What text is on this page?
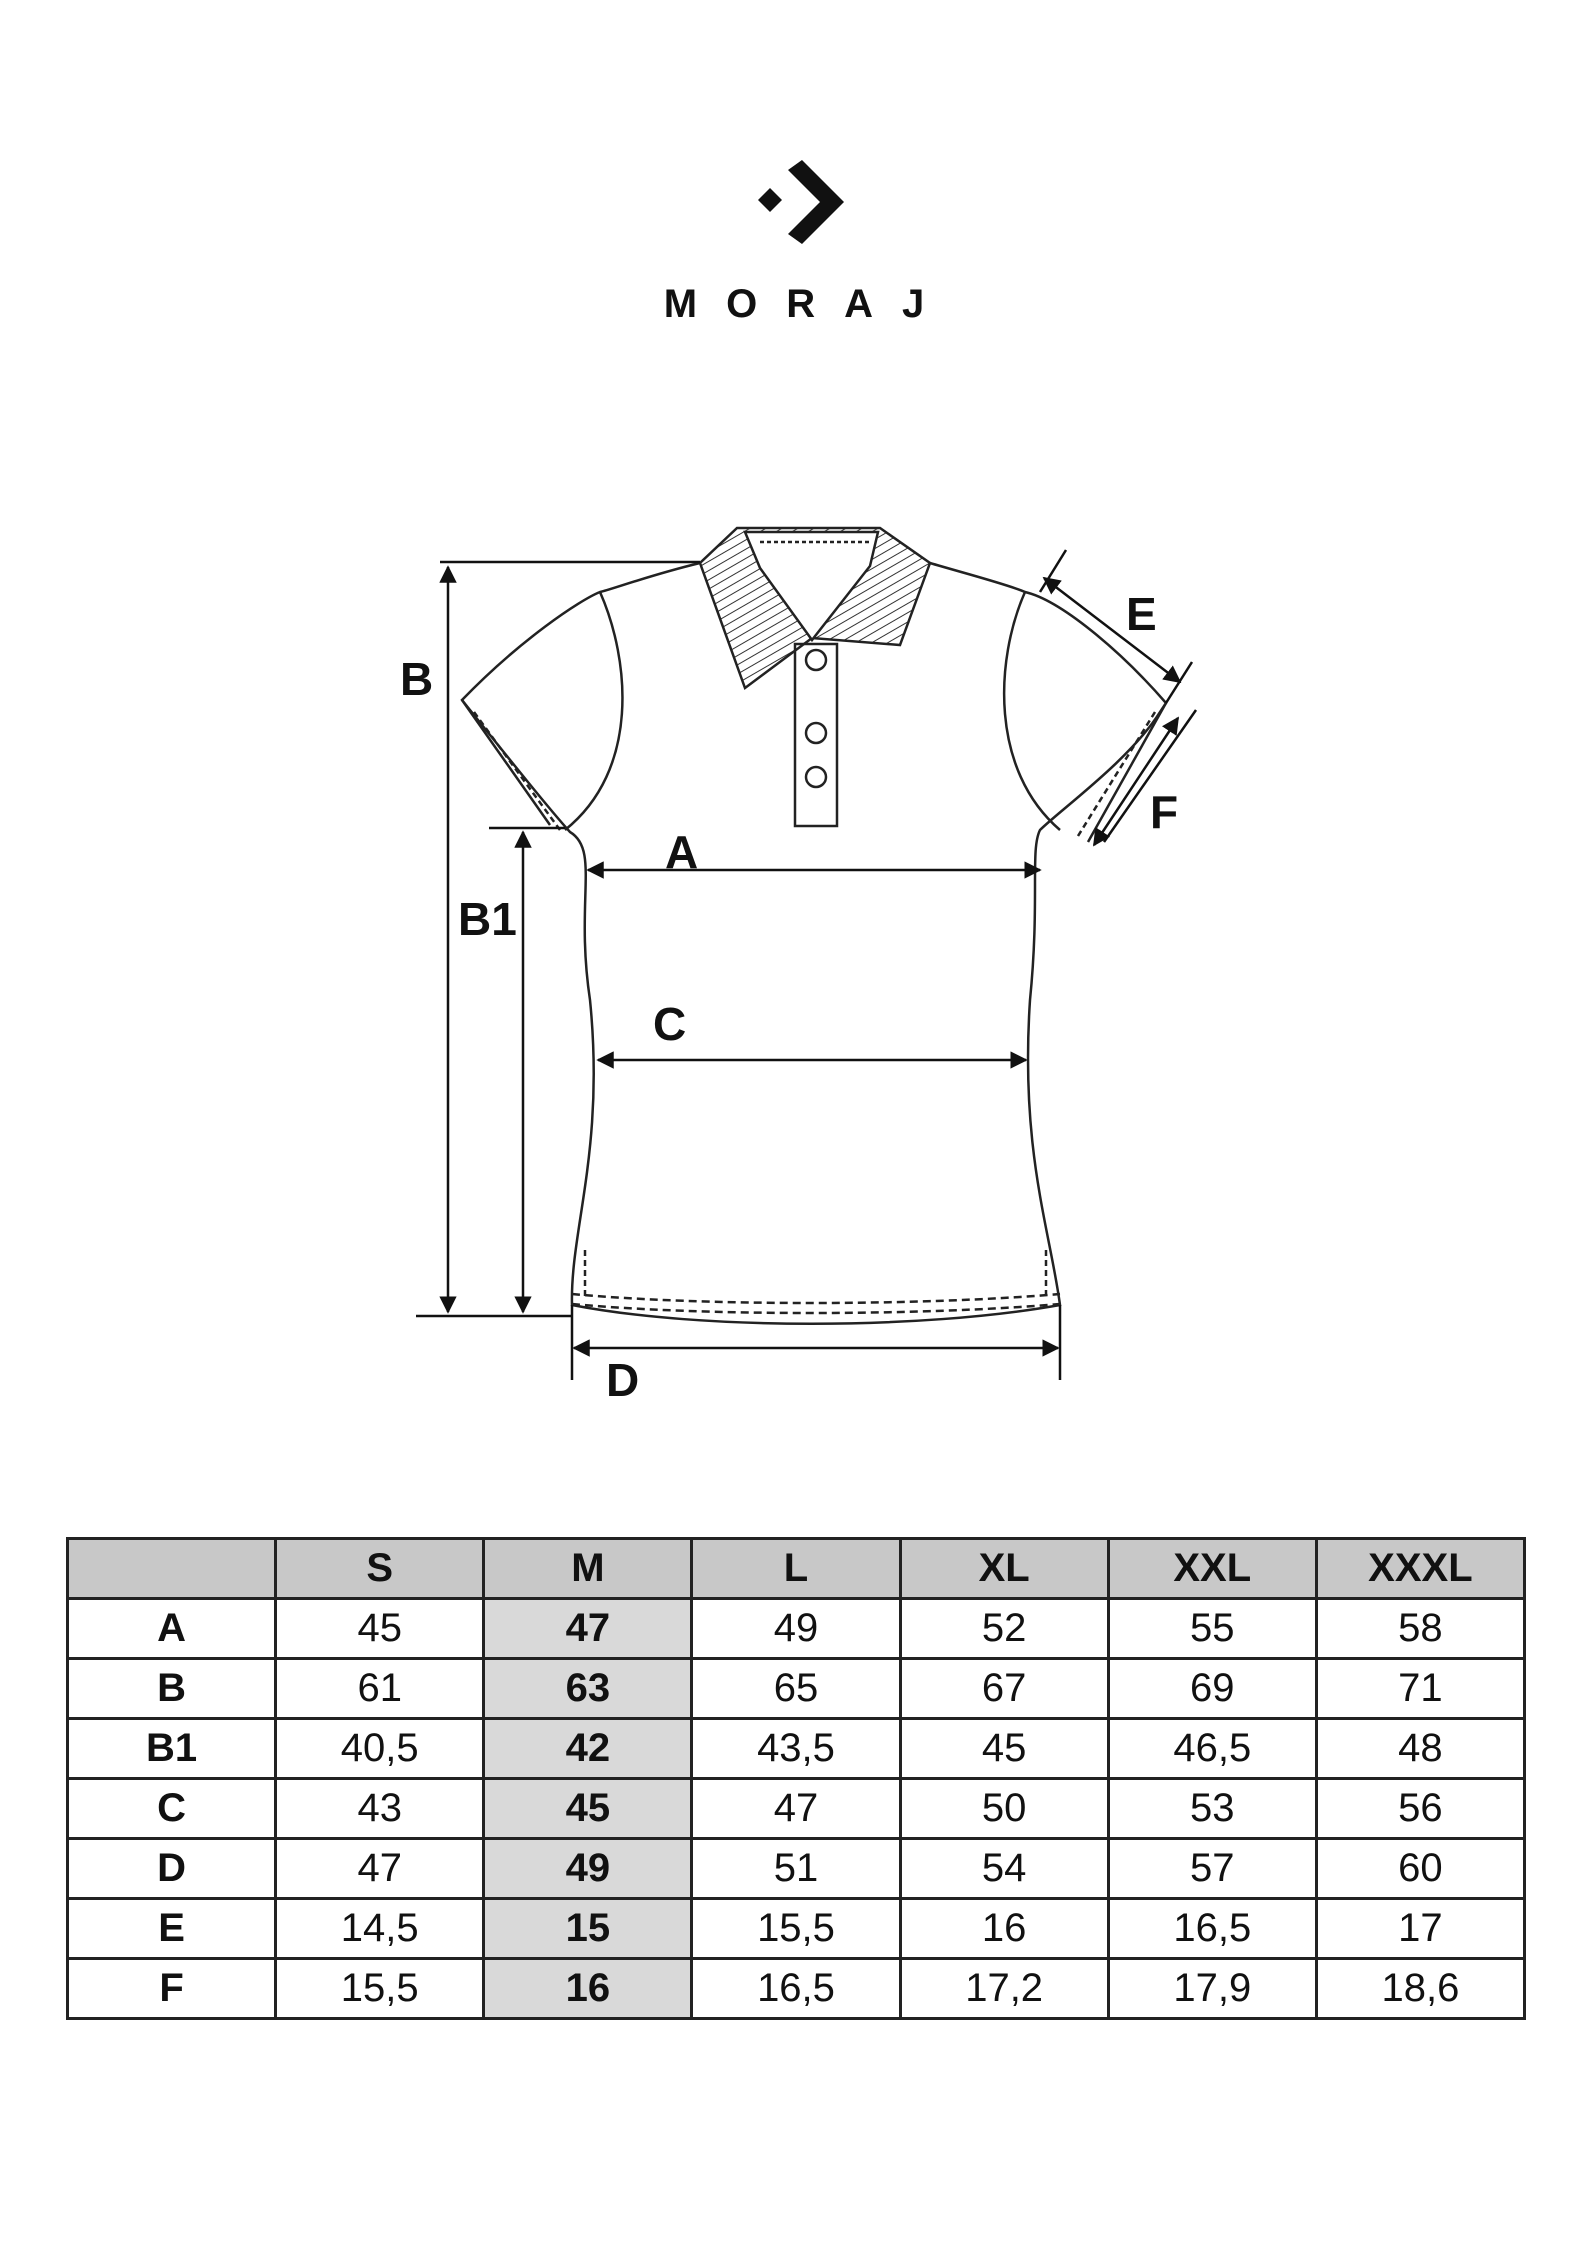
MORAJ
B
B1
A
C
D
E
F
	S	M	L	XL	XXL	XXXL
A	45	47	49	52	55	58
B	61	63	65	67	69	71
B1	40,5	42	43,5	45	46,5	48
C	43	45	47	50	53	56
D	47	49	51	54	57	60
E	14,5	15	15,5	16	16,5	17
F	15,5	16	16,5	17,2	17,9	18,6
